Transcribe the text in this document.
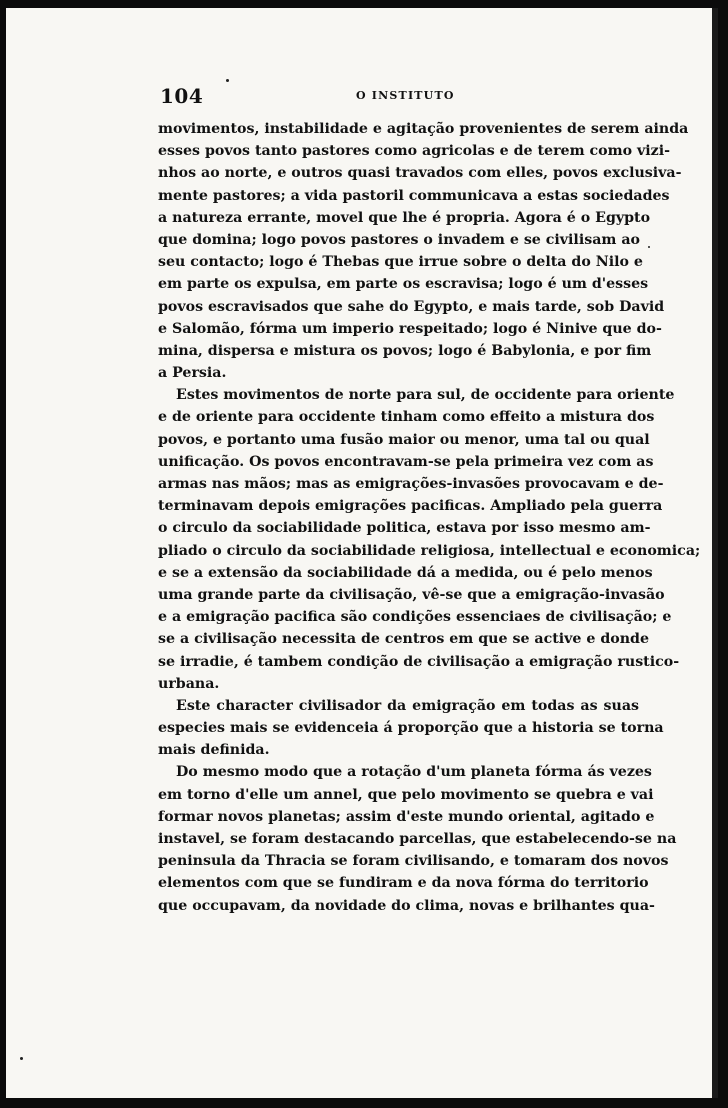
104	O INSTITUTO
movimentos, instabilidade e agitação provenientes de serem ainda
esses povos tanto pastores como agricolas e de terem como vizi-
nhos ao norte, e outros quasi travados com elles, povos exclusiva-
mente pastores; a vida pastoril communicava a estas sociedades
a natureza errante, movel que lhe é propria. Agora é o Egypto
que domina; logo povos pastores o invadem e se civilisam ao
seu contacto; logo é Thebas que irrue sobre o delta do Nilo e
em parte os expulsa, em parte os escravisa; logo é um d'esses
povos escravisados que sahe do Egypto, e mais tarde, sob David
e Salomão, fórma um imperio respeitado; logo é Ninive que do-
mina, dispersa e mistura os povos; logo é Babylonia, e por fim
a Persia.
Estes movimentos de norte para sul, de occidente para oriente
e de oriente para occidente tinham como effeito a mistura dos
povos, e portanto uma fusão maior ou menor, uma tal ou qual
unificação. Os povos encontravam-se pela primeira vez com as
armas nas mãos; mas as emigrações-invasões provocavam e de-
terminavam depois emigrações pacificas. Ampliado pela guerra
o circulo da sociabilidade politica, estava por isso mesmo am-
pliado o circulo da sociabilidade religiosa, intellectual e economica;
e se a extensão da sociabilidade dá a medida, ou é pelo menos
uma grande parte da civilisação, vê-se que a emigração-invasão
e a emigração pacifica são condições essenciaes de civilisação; e
se a civilisação necessita de centros em que se active e donde
se irradie, é tambem condição de civilisação a emigração rustico-
urbana.
Este character civilisador da emigração em todas as suas
especies mais se evidenceia á proporção que a historia se torna
mais definida.
Do mesmo modo que a rotação d'um planeta fórma ás vezes
em torno d'elle um annel, que pelo movimento se quebra e vai
formar novos planetas; assim d'este mundo oriental, agitado e
instavel, se foram destacando parcellas, que estabelecendo-se na
peninsula da Thracia se foram civilisando, e tomaram dos novos
elementos com que se fundiram e da nova fórma do territorio
que occupavam, da novidade do clima, novas e brilhantes qua-
